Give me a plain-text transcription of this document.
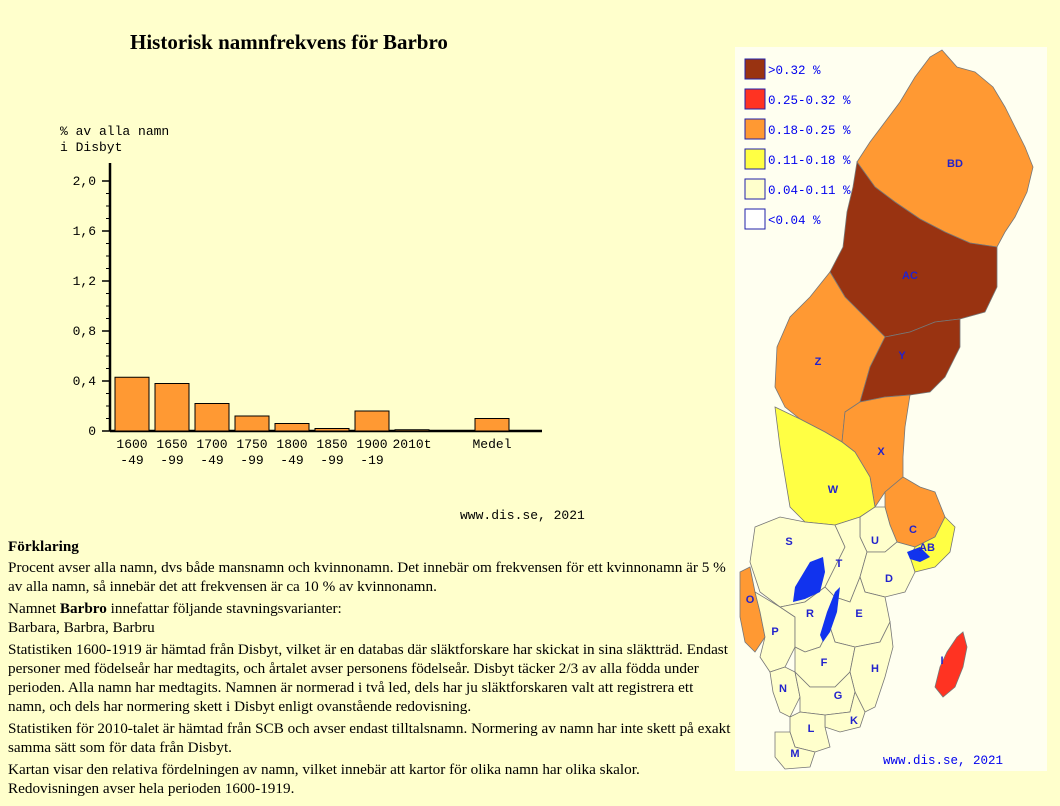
Historisk namnfrekvens för Barbro
% av alla namn
i Disbyt
0
0,4
0,8
1,2
1,6
2,0
1600
-49
1650
-99
1700
-49
1750
-99
1800
-49
1850
-99
1900
-19
2010t	Medel
www.dis.se, 2021
>0.32 %
0.25-0.32 %
0.18-0.25 %
0.11-0.18 %
0.04-0.11 %
<0.04 %
BD
AC
Y
Z
X
W
C
AB
U
S
T
D
O
P
R	E
I
F	H
N
G
K
L
M	www.dis.se, 2021

Förklaring

Procent avser alla namn, dvs både mansnamn och kvinnonamn. Det innebär om frekvensen för ett kvinnonamn är 5 % av alla namn, så innebär det att frekvensen är ca 10 % av kvinnonamn.

Namnet Barbro innefattar följande stavningsvarianter:
Barbara, Barbra, Barbru

Statistiken 1600-1919 är hämtad från Disbyt, vilket är en databas där släktforskare har skickat in sina släktträd. Endast personer med födelseår har medtagits, och årtalet avser personens födelseår. Disbyt täcker 2/3 av alla födda under perioden. Alla namn har medtagits. Namnen är normerad i två led, dels har ju släktforskaren valt att registrera ett namn, och dels har normering skett i Disbyt enligt ovanstående redovisning.

Statistiken för 2010-talet är hämtad från SCB och avser endast tilltalsnamn. Normering av namn har inte skett på exakt samma sätt som för data från Disbyt.

Kartan visar den relativa fördelningen av namn, vilket innebär att kartor för olika namn har olika skalor. Redovisningen avser hela perioden 1600-1919.
